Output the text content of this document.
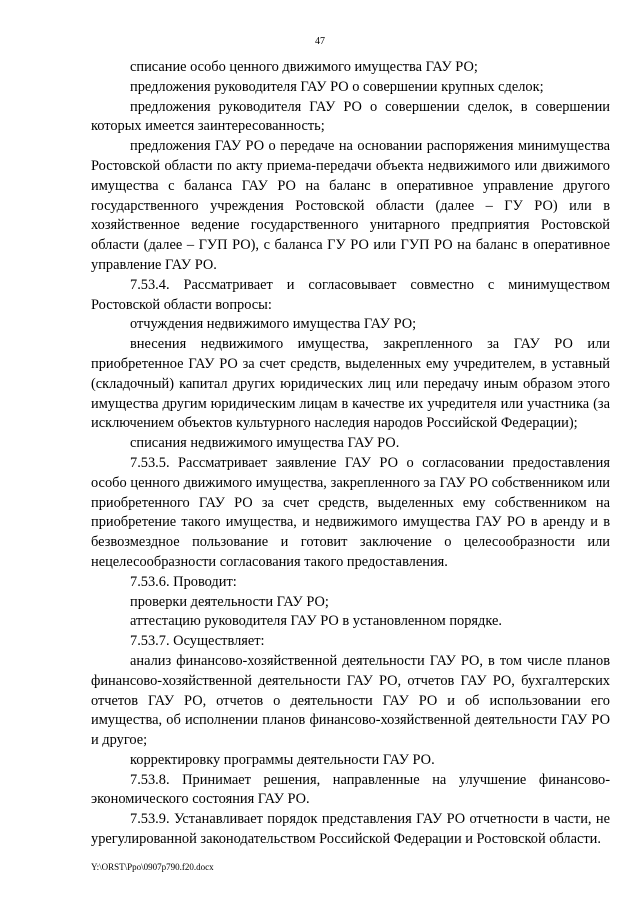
47

списание особо ценного движимого имущества ГАУ РО;

предложения руководителя ГАУ РО о совершении крупных сделок;

предложения руководителя ГАУ РО о совершении сделок, в совершении которых имеется заинтересованность;

предложения ГАУ РО о передаче на основании распоряжения минимущества Ростовской области по акту приема-передачи объекта недвижимого или движимого имущества с баланса ГАУ РО на баланс в оперативное управление другого государственного учреждения Ростовской области (далее – ГУ РО) или в хозяйственное ведение государственного унитарного предприятия Ростовской области (далее – ГУП РО), с баланса ГУ РО или ГУП РО на баланс в оперативное управление ГАУ РО.

7.53.4. Рассматривает и согласовывает совместно с минимуществом Ростовской области вопросы:

отчуждения недвижимого имущества ГАУ РО;

внесения недвижимого имущества, закрепленного за ГАУ РО или приобретенное ГАУ РО за счет средств, выделенных ему учредителем, в уставный (складочный) капитал других юридических лиц или передачу иным образом этого имущества другим юридическим лицам в качестве их учредителя или участника (за исключением объектов культурного наследия народов Российской Федерации);

списания недвижимого имущества ГАУ РО.

7.53.5. Рассматривает заявление ГАУ РО о согласовании предоставления особо ценного движимого имущества, закрепленного за ГАУ РО собственником или приобретенного ГАУ РО за счет средств, выделенных ему собственником на приобретение такого имущества, и недвижимого имущества ГАУ РО в аренду и в безвозмездное пользование и готовит заключение о целесообразности или нецелесообразности согласования такого предоставления.

7.53.6. Проводит:

проверки деятельности ГАУ РО;

аттестацию руководителя ГАУ РО в установленном порядке.

7.53.7. Осуществляет:

анализ финансово-хозяйственной деятельности ГАУ РО, в том числе планов финансово-хозяйственной деятельности ГАУ РО, отчетов ГАУ РО, бухгалтерских отчетов ГАУ РО, отчетов о деятельности ГАУ РО и об использовании его имущества, об исполнении планов финансово-хозяйственной деятельности ГАУ РО и другое;

корректировку программы деятельности ГАУ РО.

7.53.8. Принимает решения, направленные на улучшение финансово-экономического состояния ГАУ РО.

7.53.9. Устанавливает порядок представления ГАУ РО отчетности в части, не урегулированной законодательством Российской Федерации и Ростовской области.

Y:\ORST\Ppo\0907p790.f20.docx
